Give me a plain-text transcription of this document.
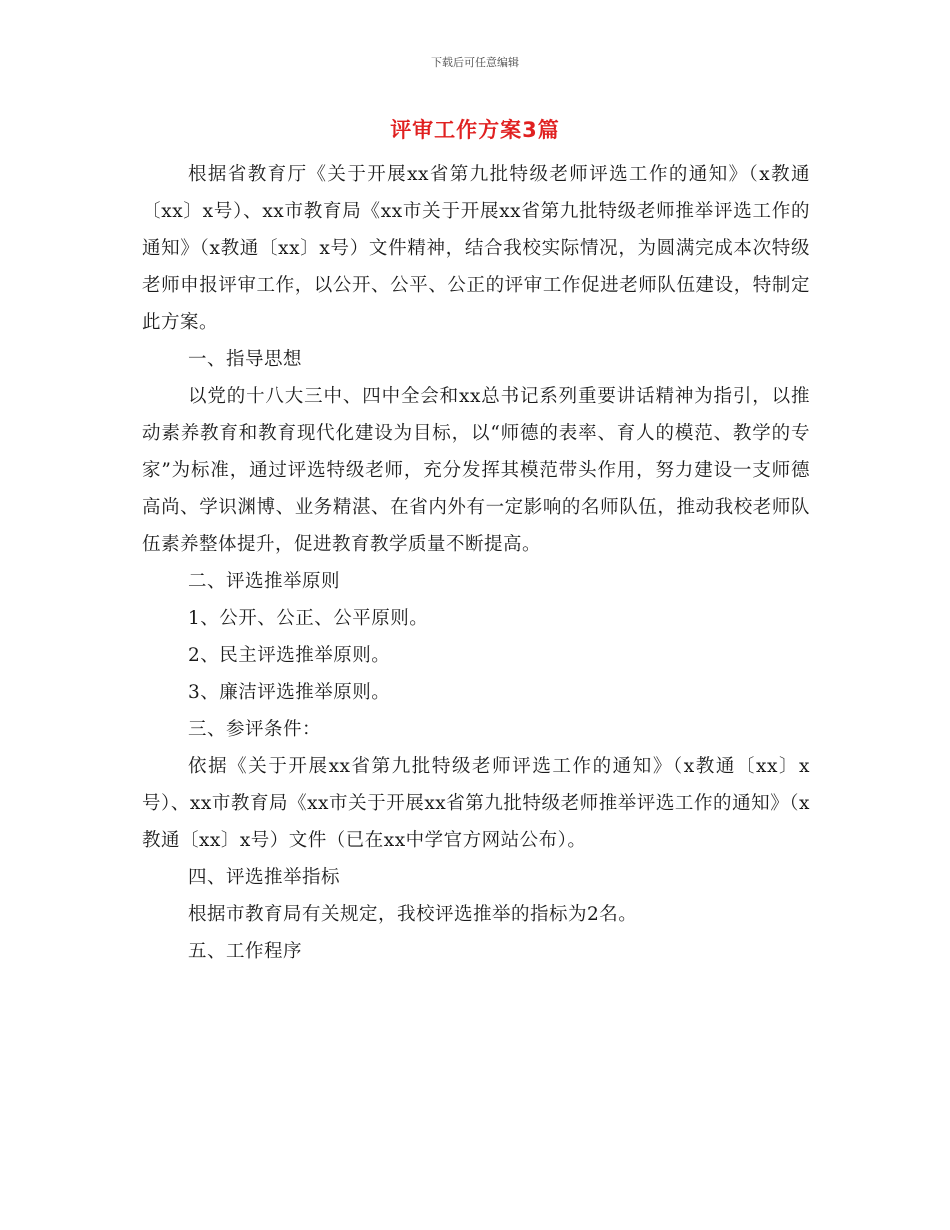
下载后可任意编辑
评审工作方案3篇

根据省教育厅《关于开展xx省第九批特级老师评选工作的通知》（x教通〔xx〕x号）、xx市教育局《xx市关于开展xx省第九批特级老师推举评选工作的通知》（x教通〔xx〕x号）文件精神，结合我校实际情况，为圆满完成本次特级老师申报评审工作，以公开、公平、公正的评审工作促进老师队伍建设，特制定此方案。

一、指导思想

以党的十八大三中、四中全会和xx总书记系列重要讲话精神为指引，以推动素养教育和教育现代化建设为目标，以“师德的表率、育人的模范、教学的专家”为标准，通过评选特级老师，充分发挥其模范带头作用，努力建设一支师德高尚、学识渊博、业务精湛、在省内外有一定影响的名师队伍，推动我校老师队伍素养整体提升，促进教育教学质量不断提高。

二、评选推举原则

1、公开、公正、公平原则。

2、民主评选推举原则。

3、廉洁评选推举原则。

三、参评条件：

依据《关于开展xx省第九批特级老师评选工作的通知》（x教通〔xx〕x号）、xx市教育局《xx市关于开展xx省第九批特级老师推举评选工作的通知》（x教通〔xx〕x号）文件（已在xx中学官方网站公布）。

四、评选推举指标

根据市教育局有关规定，我校评选推举的指标为2名。

五、工作程序
